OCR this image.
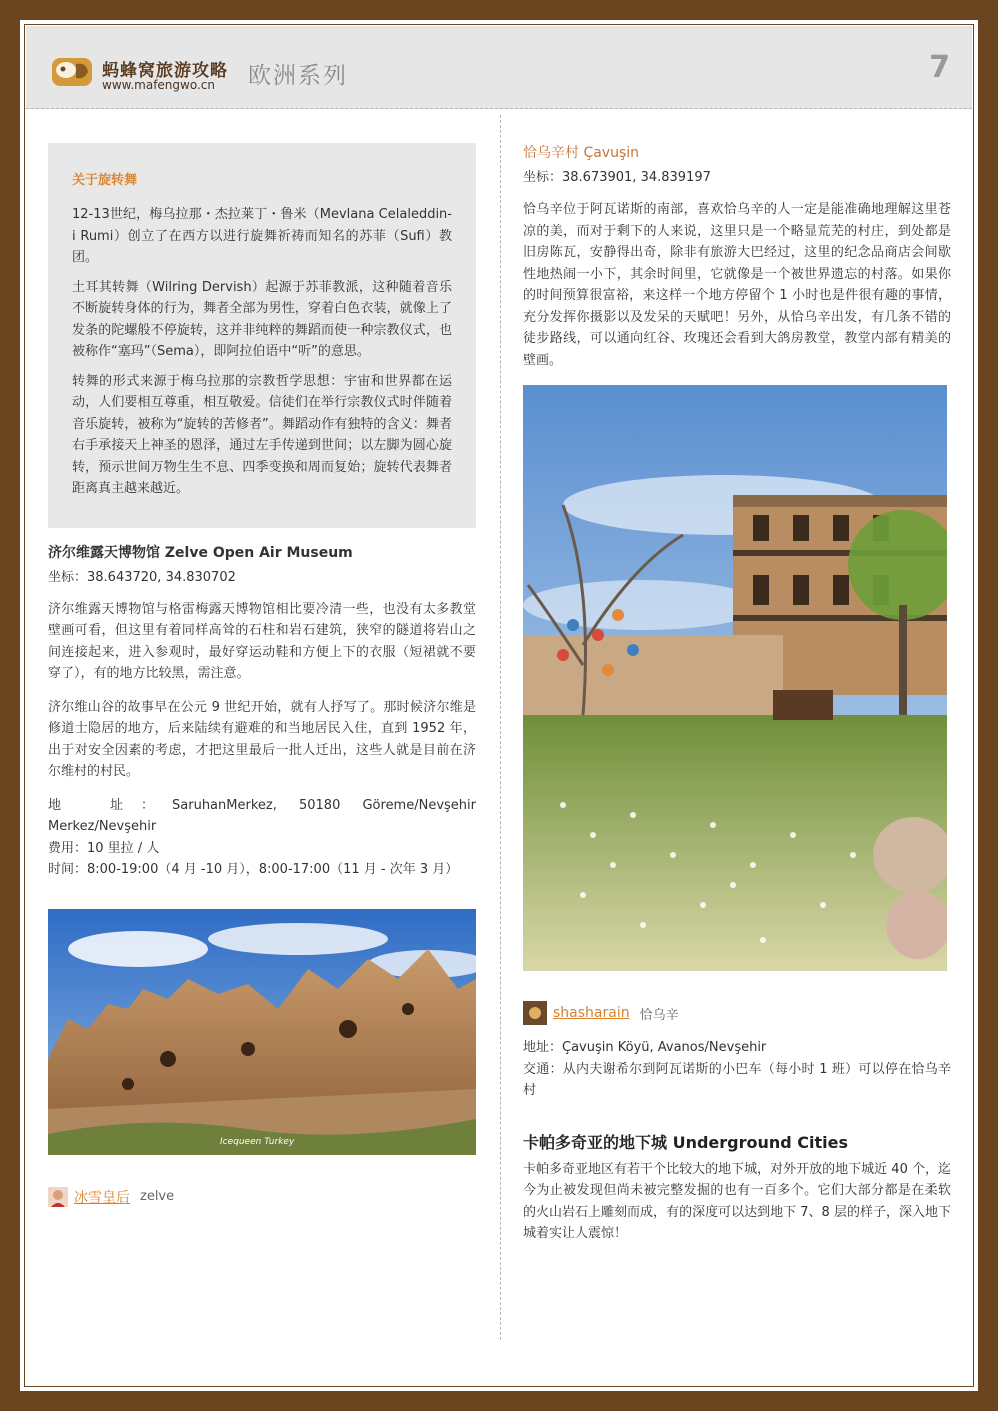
蚂蜂窝旅游攻略
www.mafengwo.cn 欧洲系列	7

关于旋转舞

12-13世纪，梅乌拉那・杰拉莱丁・鲁米（Mevlana Celaleddin-i Rumi）创立了在西方以进行旋舞祈祷而知名的苏菲（Sufi）教团。

土耳其转舞（Wilring Dervish）起源于苏菲教派，这种随着音乐不断旋转身体的行为，舞者全部为男性，穿着白色衣装，就像上了发条的陀螺般不停旋转，这并非纯粹的舞蹈而使一种宗教仪式，也被称作“塞玛”（Sema），即阿拉伯语中“听”的意思。

转舞的形式来源于梅乌拉那的宗教哲学思想：宇宙和世界都在运动，人们要相互尊重，相互敬爱。信徒们在举行宗教仪式时伴随着音乐旋转，被称为“旋转的苦修者”。舞蹈动作有独特的含义：舞者右手承接天上神圣的恩泽，通过左手传递到世间；以左脚为圆心旋转，预示世间万物生生不息、四季变换和周而复始；旋转代表舞者距离真主越来越近。

济尔维露天博物馆 Zelve Open Air Museum

坐标：38.643720, 34.830702

济尔维露天博物馆与格雷梅露天博物馆相比要冷清一些，也没有太多教堂壁画可看，但这里有着同样高耸的石柱和岩石建筑，狭窄的隧道将岩山之间连接起来，进入参观时，最好穿运动鞋和方便上下的衣服（短裙就不要穿了），有的地方比较黑，需注意。

济尔维山谷的故事早在公元 9 世纪开始，就有人抒写了。那时候济尔维是修道士隐居的地方，后来陆续有避难的和当地居民入住，直到 1952 年，出于对安全因素的考虑，才把这里最后一批人迁出，这些人就是目前在济尔维村的村民。

地　址：SaruhanMerkez, 50180 Göreme/Nevşehir Merkez/Nevşehir

费用：10 里拉 / 人

时间：8:00-19:00（4 月 -10 月），8:00-17:00（11 月 - 次年 3 月）

Icequeen Turkey
冰雪皇后 zelve

恰乌辛村 Çavuşin

坐标：38.673901, 34.839197

恰乌辛位于阿瓦诺斯的南部，喜欢恰乌辛的人一定是能准确地理解这里苍凉的美，而对于剩下的人来说，这里只是一个略显荒芜的村庄，到处都是旧房陈瓦，安静得出奇，除非有旅游大巴经过，这里的纪念品商店会间歇性地热闹一小下，其余时间里，它就像是一个被世界遗忘的村落。如果你的时间预算很富裕，来这样一个地方停留个 1 小时也是件很有趣的事情，充分发挥你摄影以及发呆的天赋吧！另外，从恰乌辛出发，有几条不错的徒步路线，可以通向红谷、玫瑰还会看到大鸽房教堂，教堂内部有精美的壁画。

shasharain 恰乌辛

地址：Çavuşin Köyü, Avanos/Nevşehir

交通：从内夫谢希尔到阿瓦诺斯的小巴车（每小时 1 班）可以停在恰乌辛村

卡帕多奇亚的地下城 Underground Cities

卡帕多奇亚地区有若干个比较大的地下城，对外开放的地下城近 40 个，迄今为止被发现但尚未被完整发掘的也有一百多个。它们大部分都是在柔软的火山岩石上雕刻而成，有的深度可以达到地下 7、8 层的样子，深入地下城着实让人震惊！
